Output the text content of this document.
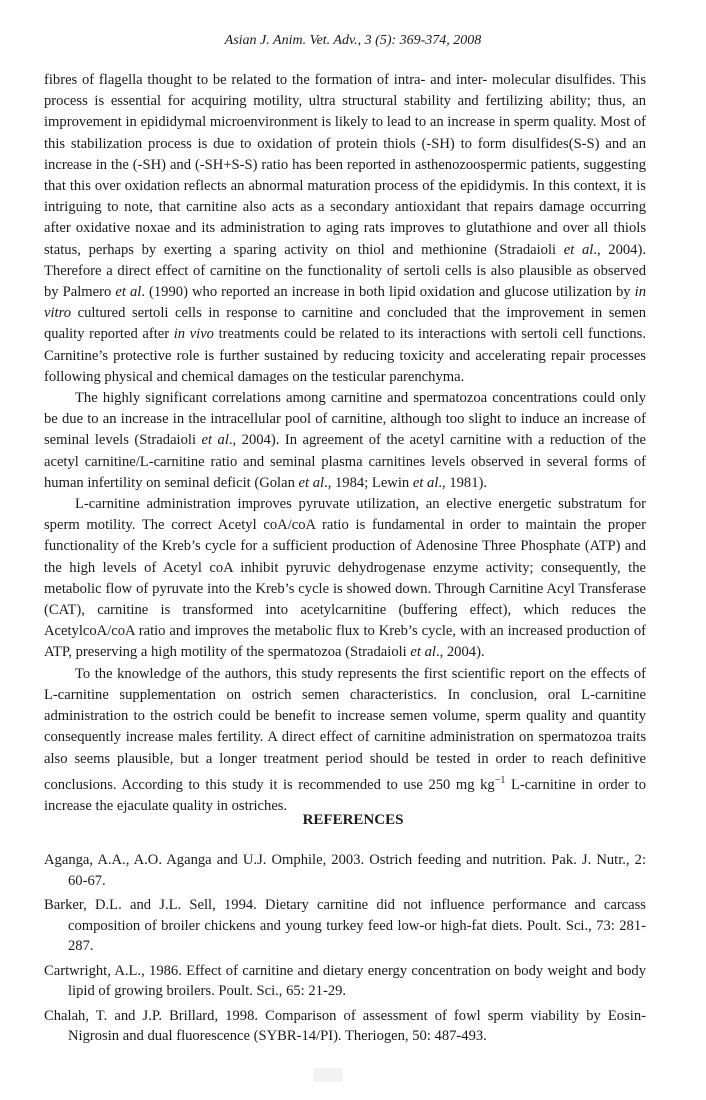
Asian J. Anim. Vet. Adv., 3 (5): 369-374, 2008

fibres of flagella thought to be related to the formation of intra- and inter- molecular disulfides. This process is essential for acquiring motility, ultra structural stability and fertilizing ability; thus, an improvement in epididymal microenvironment is likely to lead to an increase in sperm quality. Most of this stabilization process is due to oxidation of protein thiols (-SH) to form disulfides(S-S) and an increase in the (-SH) and (-SH+S-S) ratio has been reported in asthenozoospermic patients, suggesting that this over oxidation reflects an abnormal maturation process of the epididymis. In this context, it is intriguing to note, that carnitine also acts as a secondary antioxidant that repairs damage occurring after oxidative noxae and its administration to aging rats improves to glutathione and over all thiols status, perhaps by exerting a sparing activity on thiol and methionine (Stradaioli et al., 2004). Therefore a direct effect of carnitine on the functionality of sertoli cells is also plausible as observed by Palmero et al. (1990) who reported an increase in both lipid oxidation and glucose utilization by in vitro cultured sertoli cells in response to carnitine and concluded that the improvement in semen quality reported after in vivo treatments could be related to its interactions with sertoli cell functions. Carnitine’s protective role is further sustained by reducing toxicity and accelerating repair processes following physical and chemical damages on the testicular parenchyma.

The highly significant correlations among carnitine and spermatozoa concentrations could only be due to an increase in the intracellular pool of carnitine, although too slight to induce an increase of seminal levels (Stradaioli et al., 2004). In agreement of the acetyl carnitine with a reduction of the acetyl carnitine/L-carnitine ratio and seminal plasma carnitines levels observed in several forms of human infertility on seminal deficit (Golan et al., 1984; Lewin et al., 1981).

L-carnitine administration improves pyruvate utilization, an elective energetic substratum for sperm motility. The correct Acetyl coA/coA ratio is fundamental in order to maintain the proper functionality of the Kreb’s cycle for a sufficient production of Adenosine Three Phosphate (ATP) and the high levels of Acetyl coA inhibit pyruvic dehydrogenase enzyme activity; consequently, the metabolic flow of pyruvate into the Kreb’s cycle is showed down. Through Carnitine Acyl Transferase (CAT), carnitine is transformed into acetylcarnitine (buffering effect), which reduces the AcetylcoA/coA ratio and improves the metabolic flux to Kreb’s cycle, with an increased production of ATP, preserving a high motility of the spermatozoa (Stradaioli et al., 2004).

To the knowledge of the authors, this study represents the first scientific report on the effects of L-carnitine supplementation on ostrich semen characteristics. In conclusion, oral L-carnitine administration to the ostrich could be benefit to increase semen volume, sperm quality and quantity consequently increase males fertility. A direct effect of carnitine administration on spermatozoa traits also seems plausible, but a longer treatment period should be tested in order to reach definitive conclusions. According to this study it is recommended to use 250 mg $kg^{-1}$ L-carnitine in order to increase the ejaculate quality in ostriches.

REFERENCES
Aganga, A.A., A.O. Aganga and U.J. Omphile, 2003. Ostrich feeding and nutrition. Pak. J. Nutr., 2: 60-67.
Barker, D.L. and J.L. Sell, 1994. Dietary carnitine did not influence performance and carcass composition of broiler chickens and young turkey feed low-or high-fat diets. Poult. Sci., 73: 281-287.
Cartwright, A.L., 1986. Effect of carnitine and dietary energy concentration on body weight and body lipid of growing broilers. Poult. Sci., 65: 21-29.
Chalah, T. and J.P. Brillard, 1998. Comparison of assessment of fowl sperm viability by Eosin-Nigrosin and dual fluorescence (SYBR-14/PI). Theriogen, 50: 487-493.
